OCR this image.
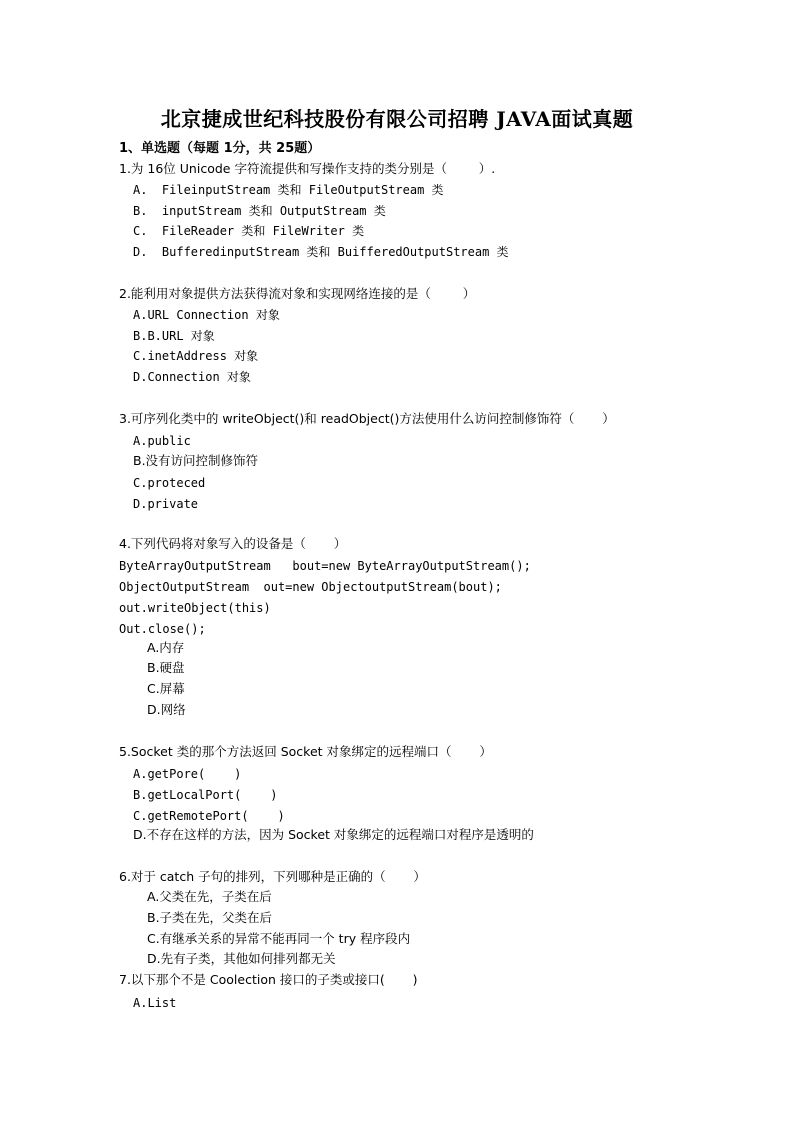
北京捷成世纪科技股份有限公司招聘 JAVA面试真题
1、单选题（每题 1分，共 25题）
1.为 16位 Unicode 字符流提供和写操作支持的类分别是（        ）.
A.  FileinputStream 类和 FileOutputStream 类
B.  inputStream 类和 OutputStream 类
C.  FileReader 类和 FileWriter 类
D.  BufferedinputStream 类和 BuifferedOutputStream 类
2.能利用对象提供方法获得流对象和实现网络连接的是（        ）
A.URL Connection 对象
B.B.URL 对象
C.inetAddress 对象
D.Connection 对象
3.可序列化类中的 writeObject()和 readObject()方法使用什么访问控制修饰符（       ）
A.public
B.没有访问控制修饰符
C.proteced
D.private
4.下列代码将对象写入的设备是（       ）
ByteArrayOutputStream   bout=new ByteArrayOutputStream();
ObjectOutputStream  out=new ObjectoutputStream(bout);
out.writeObject(this)
Out.close();
A.内存
B.硬盘
C.屏幕
D.网络
5.Socket 类的那个方法返回 Socket 对象绑定的远程端口（       ）
A.getPore(    )
B.getLocalPort(    )
C.getRemotePort(    )
D.不存在这样的方法，因为 Socket 对象绑定的远程端口对程序是透明的
6.对于 catch 子句的排列，下列哪种是正确的（       ）
A.父类在先，子类在后
B.子类在先，父类在后
C.有继承关系的异常不能再同一个 try 程序段内
D.先有子类，其他如何排列都无关
7.以下那个不是 Coolection 接口的子类或接口(       )
A.List
